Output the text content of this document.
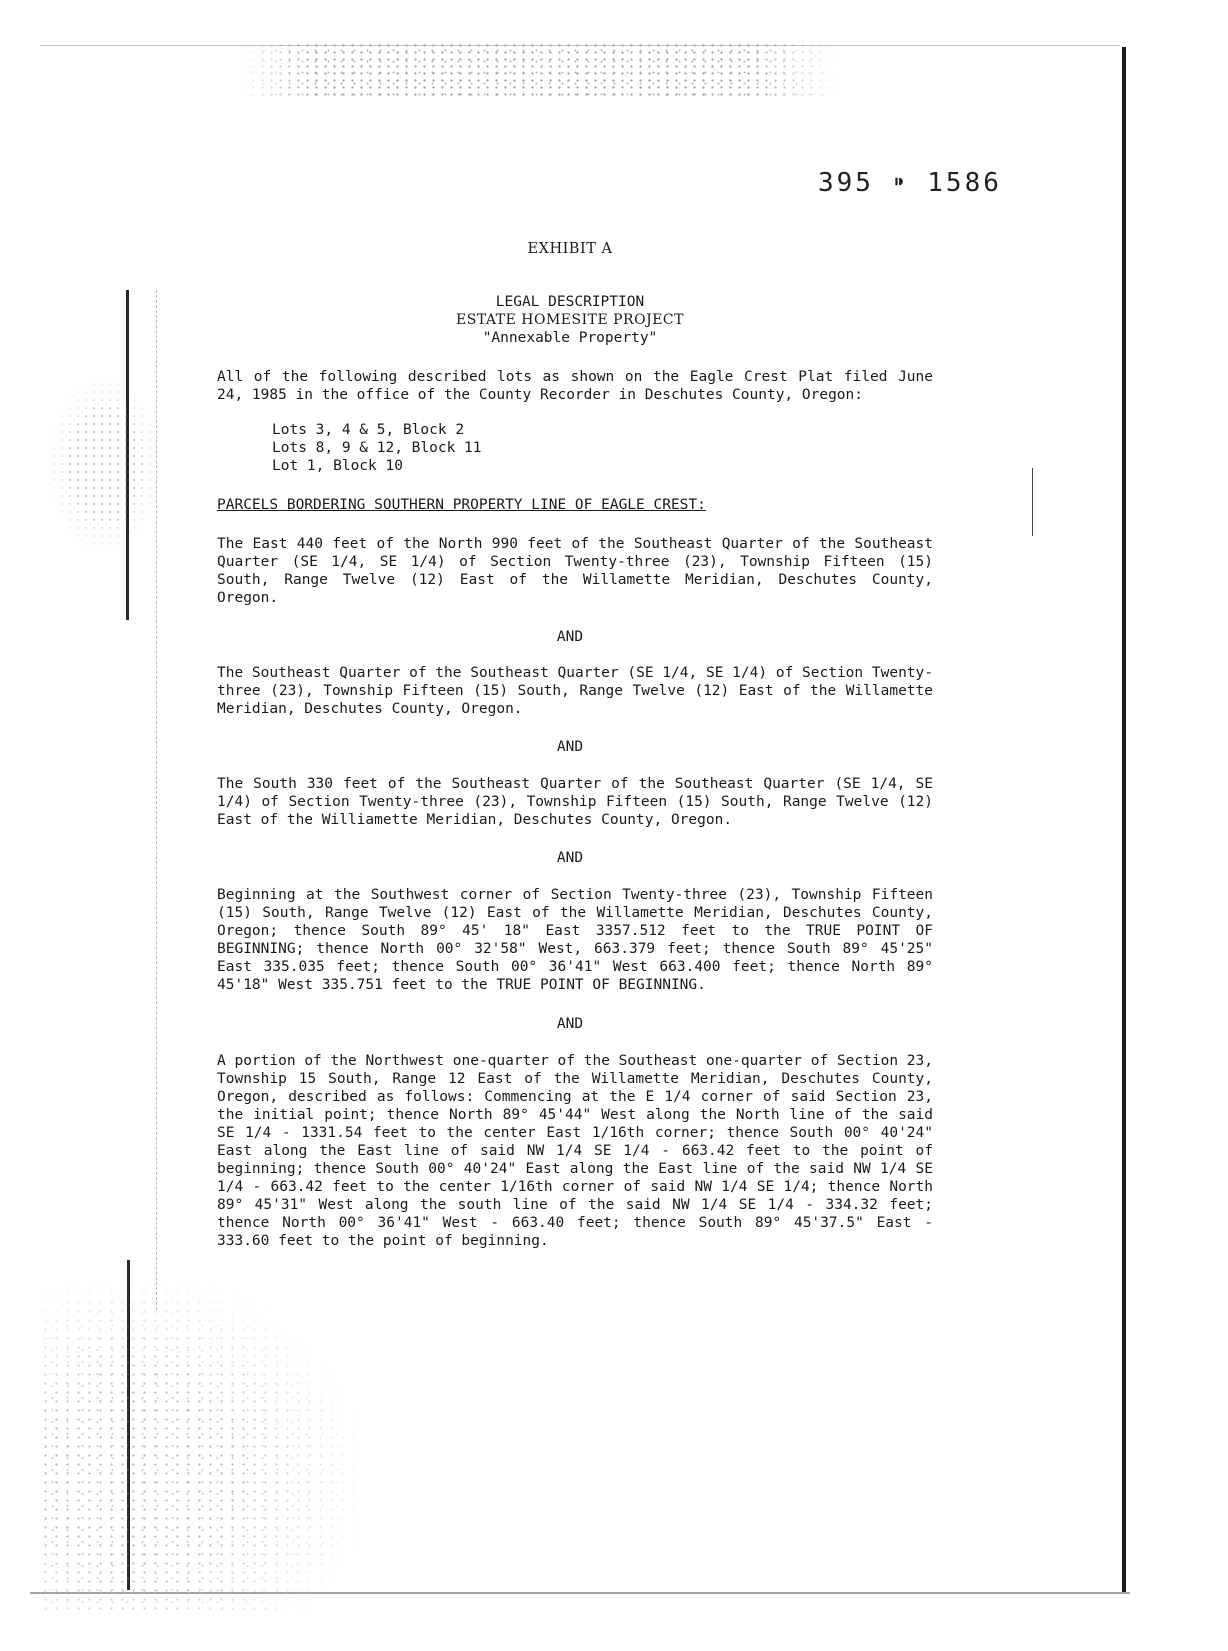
395 ⁍ 1586
EXHIBIT A
LEGAL DESCRIPTION
ESTATE HOMESITE PROJECT
"Annexable Property"
All of the following described lots as shown on the Eagle Crest Plat filed June 24, 1985 in the office of the County Recorder in Deschutes County, Oregon:
Lots 3, 4 & 5, Block 2
Lots 8, 9 & 12, Block 11
Lot 1, Block 10
PARCELS BORDERING SOUTHERN PROPERTY LINE OF EAGLE CREST:
The East 440 feet of the North 990 feet of the Southeast Quarter of the Southeast Quarter (SE 1/4, SE 1/4) of Section Twenty-three (23), Township Fifteen (15) South, Range Twelve (12) East of the Willamette Meridian, Deschutes County, Oregon.
AND
The Southeast Quarter of the Southeast Quarter (SE 1/4, SE 1/4) of Section Twenty-three (23), Township Fifteen (15) South, Range Twelve (12) East of the Willamette Meridian, Deschutes County, Oregon.
AND
The South 330 feet of the Southeast Quarter of the Southeast Quarter (SE 1/4, SE 1/4) of Section Twenty-three (23), Township Fifteen (15) South, Range Twelve (12) East of the Williamette Meridian, Deschutes County, Oregon.
AND
Beginning at the Southwest corner of Section Twenty-three (23), Township Fifteen (15) South, Range Twelve (12) East of the Willamette Meridian, Deschutes County, Oregon; thence South 89° 45' 18" East 3357.512 feet to the TRUE POINT OF BEGINNING; thence North 00° 32'58" West, 663.379 feet; thence South 89° 45'25" East 335.035 feet; thence South 00° 36'41" West 663.400 feet; thence North 89° 45'18" West 335.751 feet to the TRUE POINT OF BEGINNING.
AND
A portion of the Northwest one-quarter of the Southeast one-quarter of Section 23, Township 15 South, Range 12 East of the Willamette Meridian, Deschutes County, Oregon, described as follows: Commencing at the E 1/4 corner of said Section 23, the initial point; thence North 89° 45'44" West along the North line of the said SE 1/4 - 1331.54 feet to the center East 1/16th corner; thence South 00° 40'24" East along the East line of said NW 1/4 SE 1/4 - 663.42 feet to the point of beginning; thence South 00° 40'24" East along the East line of the said NW 1/4 SE 1/4 - 663.42 feet to the center 1/16th corner of said NW 1/4 SE 1/4; thence North 89° 45'31" West along the south line of the said NW 1/4 SE 1/4 - 334.32 feet; thence North 00° 36'41" West - 663.40 feet; thence South 89° 45'37.5" East - 333.60 feet to the point of beginning.
